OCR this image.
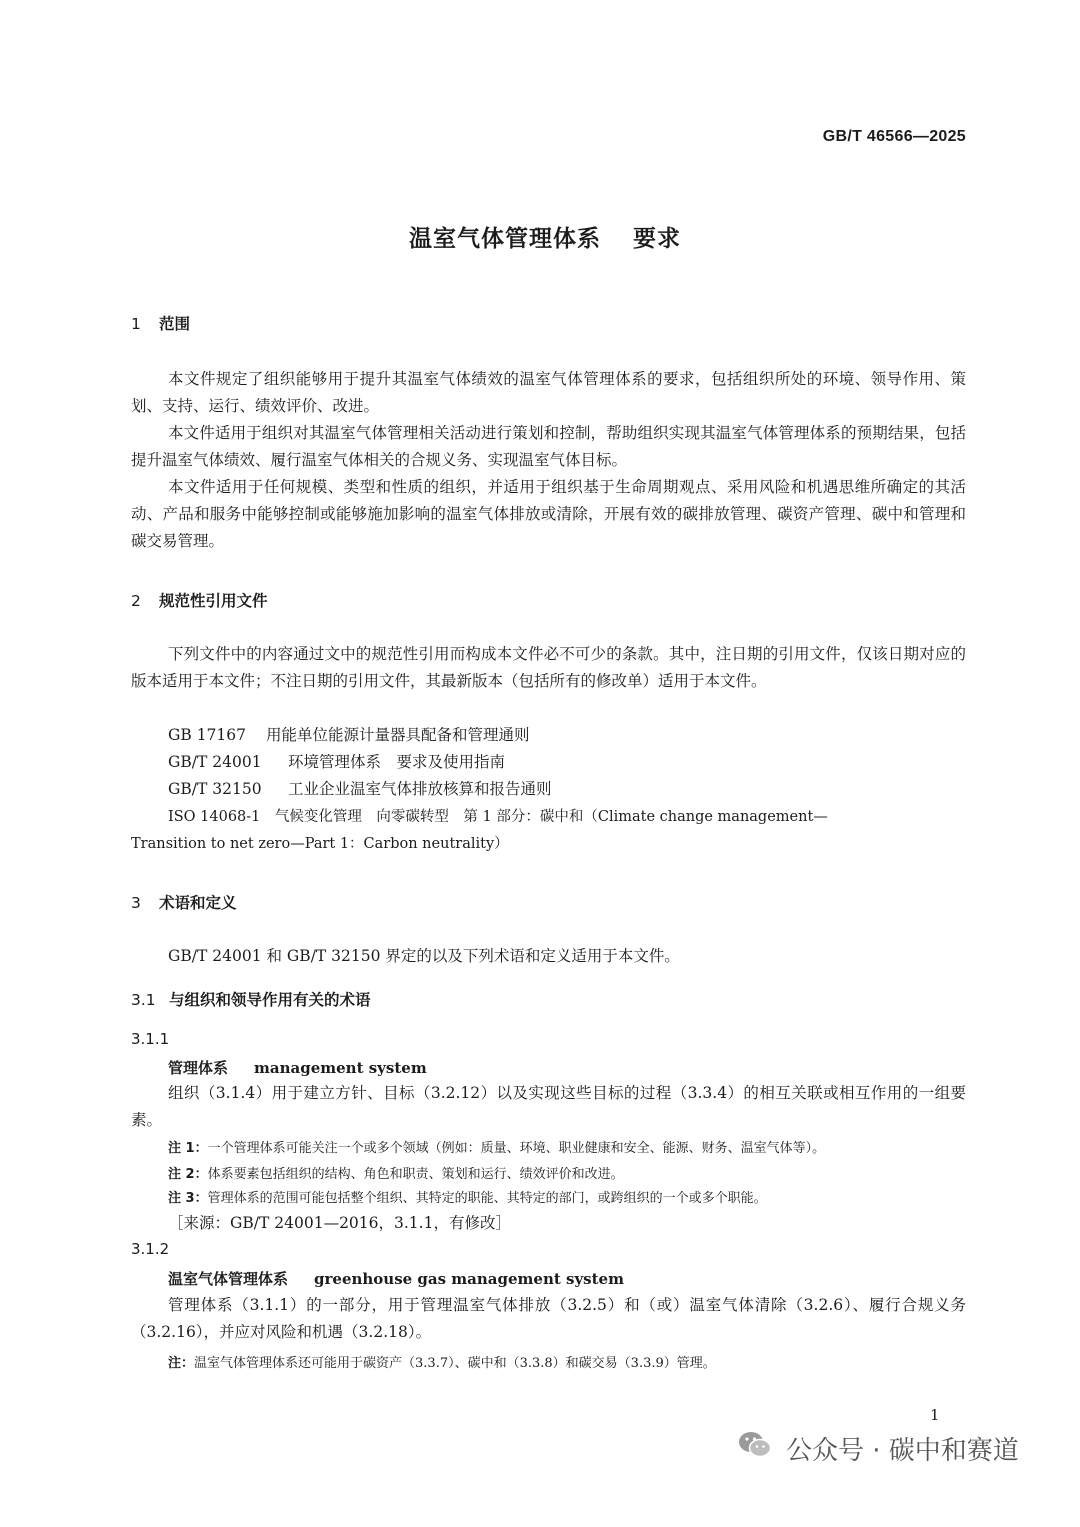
GB/T 46566—2025
温室气体管理体系 要求
1 范围

本文件规定了组织能够用于提升其温室气体绩效的温室气体管理体系的要求，包括组织所处的环境、领导作用、策划、支持、运行、绩效评价、改进。

本文件适用于组织对其温室气体管理相关活动进行策划和控制，帮助组织实现其温室气体管理体系的预期结果，包括提升温室气体绩效、履行温室气体相关的合规义务、实现温室气体目标。

本文件适用于任何规模、类型和性质的组织，并适用于组织基于生命周期观点、采用风险和机遇思维所确定的其活动、产品和服务中能够控制或能够施加影响的温室气体排放或清除，开展有效的碳排放管理、碳资产管理、碳中和管理和碳交易管理。

2 规范性引用文件

下列文件中的内容通过文中的规范性引用而构成本文件必不可少的条款。其中，注日期的引用文件，仅该日期对应的版本适用于本文件；不注日期的引用文件，其最新版本（包括所有的修改单）适用于本文件。

GB 17167 用能单位能源计量器具配备和管理通则
GB/T 24001 环境管理体系　要求及使用指南
GB/T 32150 工业企业温室气体排放核算和报告通则
ISO 14068-1　气候变化管理　向零碳转型　第 1 部分：碳中和（Climate change management—
Transition to net zero—Part 1：Carbon neutrality）
3 术语和定义

GB/T 24001 和 GB/T 32150 界定的以及下列术语和定义适用于本文件。

3.1 与组织和领导作用有关的术语
3.1.1
管理体系 management system

组织（3.1.4）用于建立方针、目标（3.2.12）以及实现这些目标的过程（3.3.4）的相互关联或相互作用的一组要素。

注 1：一个管理体系可能关注一个或多个领域（例如：质量、环境、职业健康和安全、能源、财务、温室气体等）。
注 2：体系要素包括组织的结构、角色和职责、策划和运行、绩效评价和改进。
注 3：管理体系的范围可能包括整个组织、其特定的职能、其特定的部门，或跨组织的一个或多个职能。
［来源：GB/T 24001—2016，3.1.1，有修改］
3.1.2
温室气体管理体系 greenhouse gas management system

管理体系（3.1.1）的一部分，用于管理温室气体排放（3.2.5）和（或）温室气体清除（3.2.6）、履行合规义务（3.2.16），并应对风险和机遇（3.2.18）。

注：温室气体管理体系还可能用于碳资产（3.3.7）、碳中和（3.3.8）和碳交易（3.3.9）管理。
1
公众号 · 碳中和赛道
